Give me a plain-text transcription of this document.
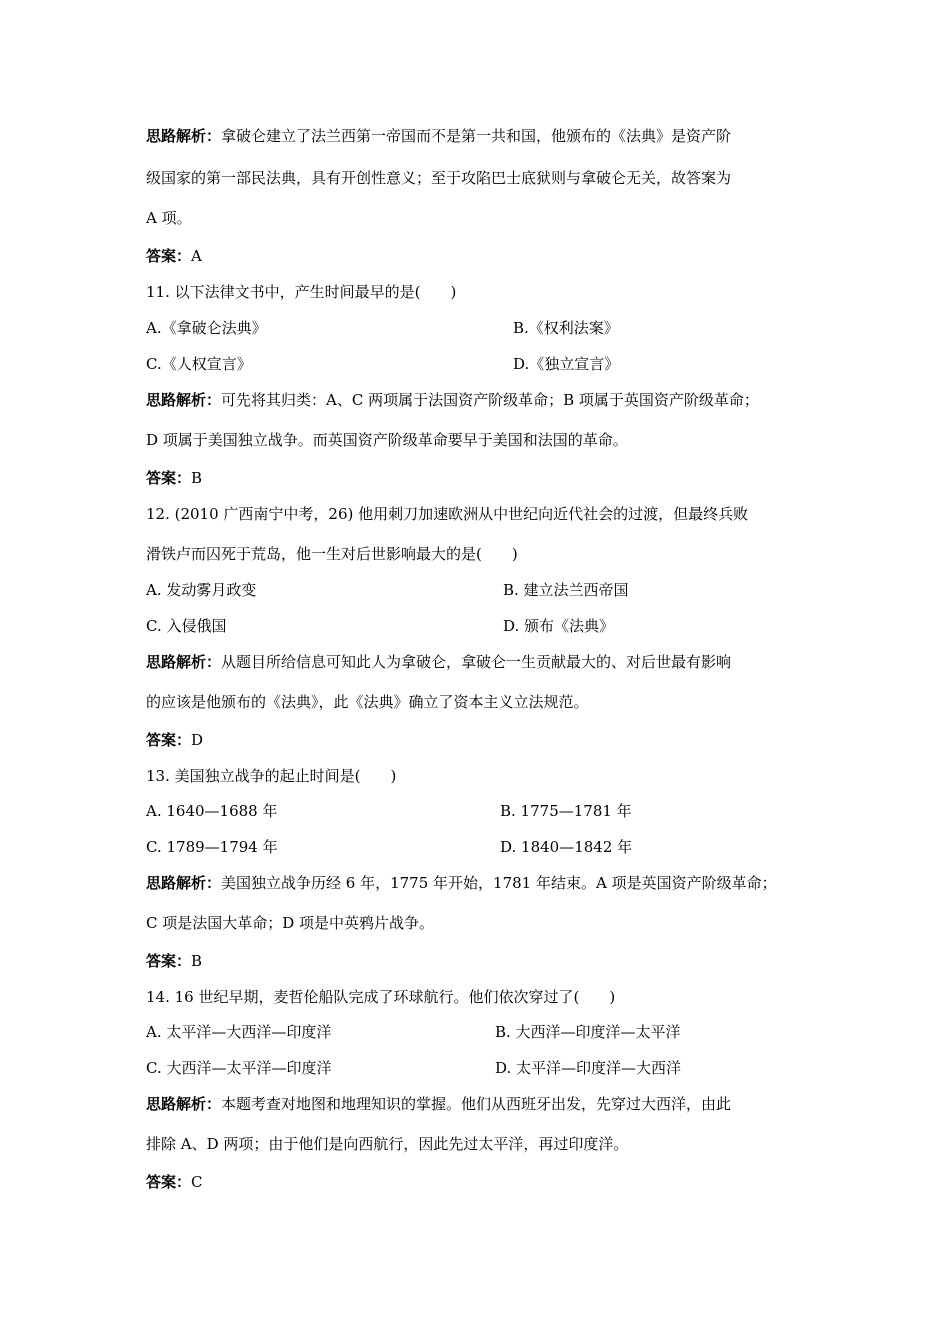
思路解析：拿破仑建立了法兰西第一帝国而不是第一共和国，他颁布的《法典》是资产阶
级国家的第一部民法典，具有开创性意义；至于攻陷巴士底狱则与拿破仑无关，故答案为
A 项。
答案：A
11. 以下法律文书中，产生时间最早的是(　　)
A.《拿破仑法典》	B.《权利法案》
C.《人权宣言》	D.《独立宣言》
思路解析：可先将其归类：A、C 两项属于法国资产阶级革命；B 项属于英国资产阶级革命；
D 项属于美国独立战争。而英国资产阶级革命要早于美国和法国的革命。
答案：B
12. (2010 广西南宁中考，26) 他用刺刀加速欧洲从中世纪向近代社会的过渡，但最终兵败
滑铁卢而囚死于荒岛，他一生对后世影响最大的是(　　)
A. 发动雾月政变	B. 建立法兰西帝国
C. 入侵俄国	D. 颁布《法典》
思路解析：从题目所给信息可知此人为拿破仑，拿破仑一生贡献最大的、对后世最有影响
的应该是他颁布的《法典》，此《法典》确立了资本主义立法规范。
答案：D
13. 美国独立战争的起止时间是(　　)
A. 1640—1688 年	B. 1775—1781 年
C. 1789—1794 年	D. 1840—1842 年
思路解析：美国独立战争历经 6 年，1775 年开始，1781 年结束。A 项是英国资产阶级革命；
C 项是法国大革命；D 项是中英鸦片战争。
答案：B
14. 16 世纪早期，麦哲伦船队完成了环球航行。他们依次穿过了(　　)
A. 太平洋—大西洋—印度洋	B. 大西洋—印度洋—太平洋
C. 大西洋—太平洋—印度洋	D. 太平洋—印度洋—大西洋
思路解析：本题考查对地图和地理知识的掌握。他们从西班牙出发，先穿过大西洋，由此
排除 A、D 两项；由于他们是向西航行，因此先过太平洋，再过印度洋。
答案：C
